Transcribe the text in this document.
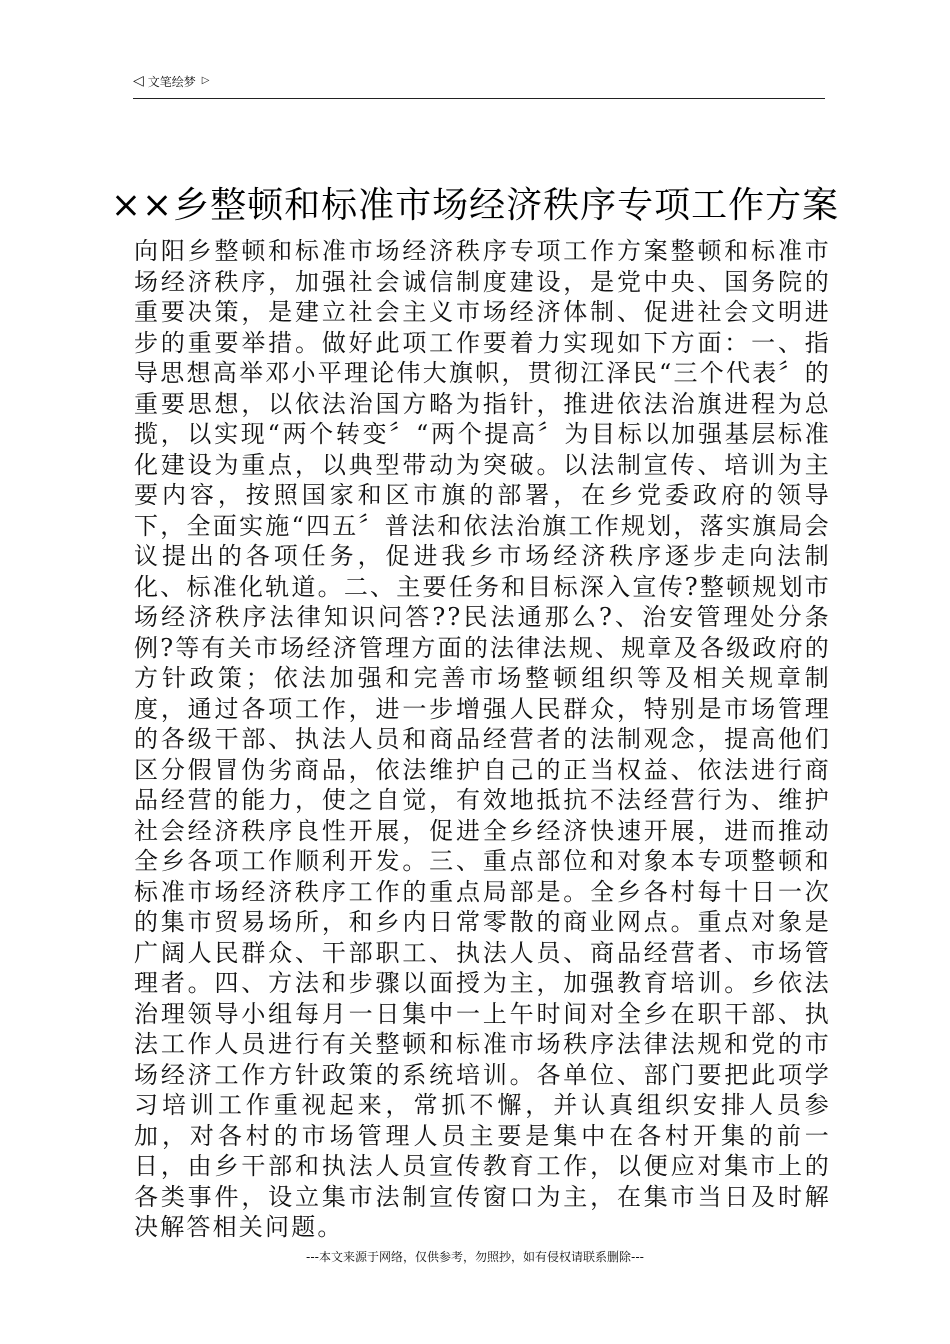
◁ 文笔绘梦 ▷
××乡整顿和标准市场经济秩序专项工作方案
向阳乡整顿和标准市场经济秩序专项工作方案整顿和标准市场经济秩序，加强社会诚信制度建设，是党中央、国务院的重要决策，是建立社会主义市场经济体制、促进社会文明进步的重要举措。做好此项工作要着力实现如下方面：一、指导思想高举邓小平理论伟大旗帜，贯彻江泽民“三个代表〞的重要思想，以依法治国方略为指针，推进依法治旗进程为总揽，以实现“两个转变〞“两个提高〞为目标以加强基层标准化建设为重点，以典型带动为突破。以法制宣传、培训为主要内容，按照国家和区市旗的部署，在乡党委政府的领导下，全面实施“四五〞普法和依法治旗工作规划，落实旗局会议提出的各项任务，促进我乡市场经济秩序逐步走向法制化、标准化轨道。二、主要任务和目标深入宣传?整顿规划市场经济秩序法律知识问答??民法通那么?、治安管理处分条例?等有关市场经济管理方面的法律法规、规章及各级政府的方针政策；依法加强和完善市场整顿组织等及相关规章制度，通过各项工作，进一步增强人民群众，特别是市场管理的各级干部、执法人员和商品经营者的法制观念，提高他们区分假冒伪劣商品，依法维护自己的正当权益、依法进行商品经营的能力，使之自觉，有效地抵抗不法经营行为、维护社会经济秩序良性开展，促进全乡经济快速开展，进而推动全乡各项工作顺利开发。三、重点部位和对象本专项整顿和标准市场经济秩序工作的重点局部是。全乡各村每十日一次的集市贸易场所，和乡内日常零散的商业网点。重点对象是广阔人民群众、干部职工、执法人员、商品经营者、市场管理者。四、方法和步骤以面授为主，加强教育培训。乡依法治理领导小组每月一日集中一上午时间对全乡在职干部、执法工作人员进行有关整顿和标准市场秩序法律法规和党的市场经济工作方针政策的系统培训。各单位、部门要把此项学习培训工作重视起来，常抓不懈，并认真组织安排人员参加，对各村的市场管理人员主要是集中在各村开集的前一日，由乡干部和执法人员宣传教育工作，以便应对集市上的各类事件，设立集市法制宣传窗口为主，在集市当日及时解决解答相关问题。
---本文来源于网络，仅供参考，勿照抄，如有侵权请联系删除---
